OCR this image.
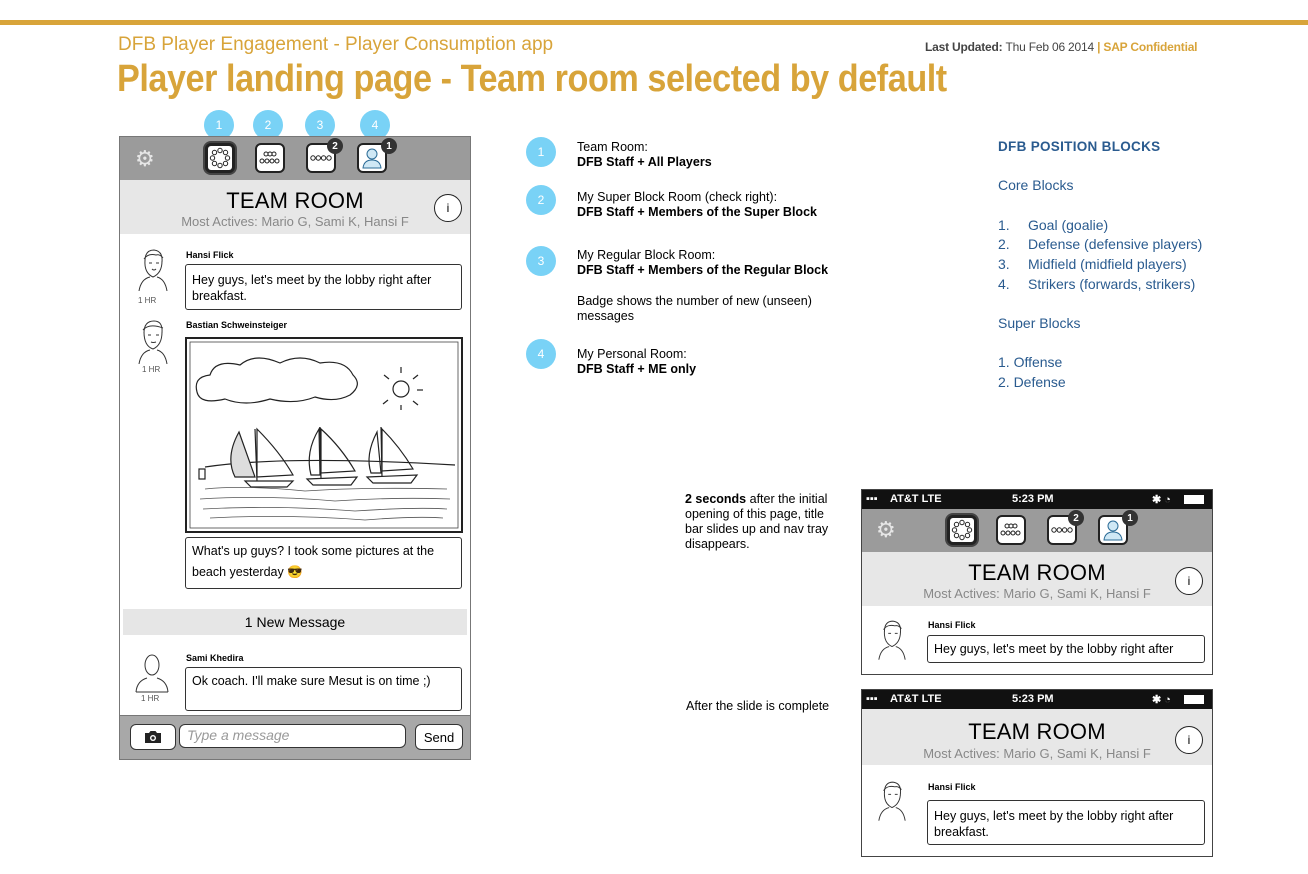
DFB Player Engagement - Player Consumption app	Last Updated: Thu Feb 06 2014 | SAP Confidential
Player landing page - Team room selected by default
1	2	3	4
⚙	2	1
TEAM ROOM
Most Actives: Mario G, Sami K, Hansi F
i
1 HR
Hansi Flick
Hey guys, let's meet by the lobby right after breakfast.
1 HR
Bastian Schweinsteiger
What's up guys? I took some pictures at the beach yesterday 😎
1 New Message
1 HR
Sami Khedira
Ok coach. I'll make sure Mesut is on time ;)
Type a message	Send
1	Team Room:
DFB Staff + All Players
2	My Super Block Room (check right):
DFB Staff + Members of the Super Block
3	My Regular Block Room:
DFB Staff + Members of the Regular Block
Badge shows the number of new (unseen) messages
4	My Personal Room:
DFB Staff + ME only
DFB POSITION BLOCKS
Core Blocks
1. Goal (goalie)
2. Defense (defensive players)
3. Midfield (midfield players)
4. Strikers (forwards, strikers)
Super Blocks
1. Offense
2. Defense
2 seconds after the initial opening of this page, title bar slides up and nav tray disappears.
After the slide is complete
▪▪▪ AT&T LTE	5:23 PM	✱ ◔
⚙	2	1
TEAM ROOM
Most Actives: Mario G, Sami K, Hansi F
i
Hansi Flick
Hey guys, let's meet by the lobby right after
▪▪▪ AT&T LTE	5:23 PM	✱ ◔
TEAM ROOM
Most Actives: Mario G, Sami K, Hansi F
i
Hansi Flick
Hey guys, let's meet by the lobby right after breakfast.
